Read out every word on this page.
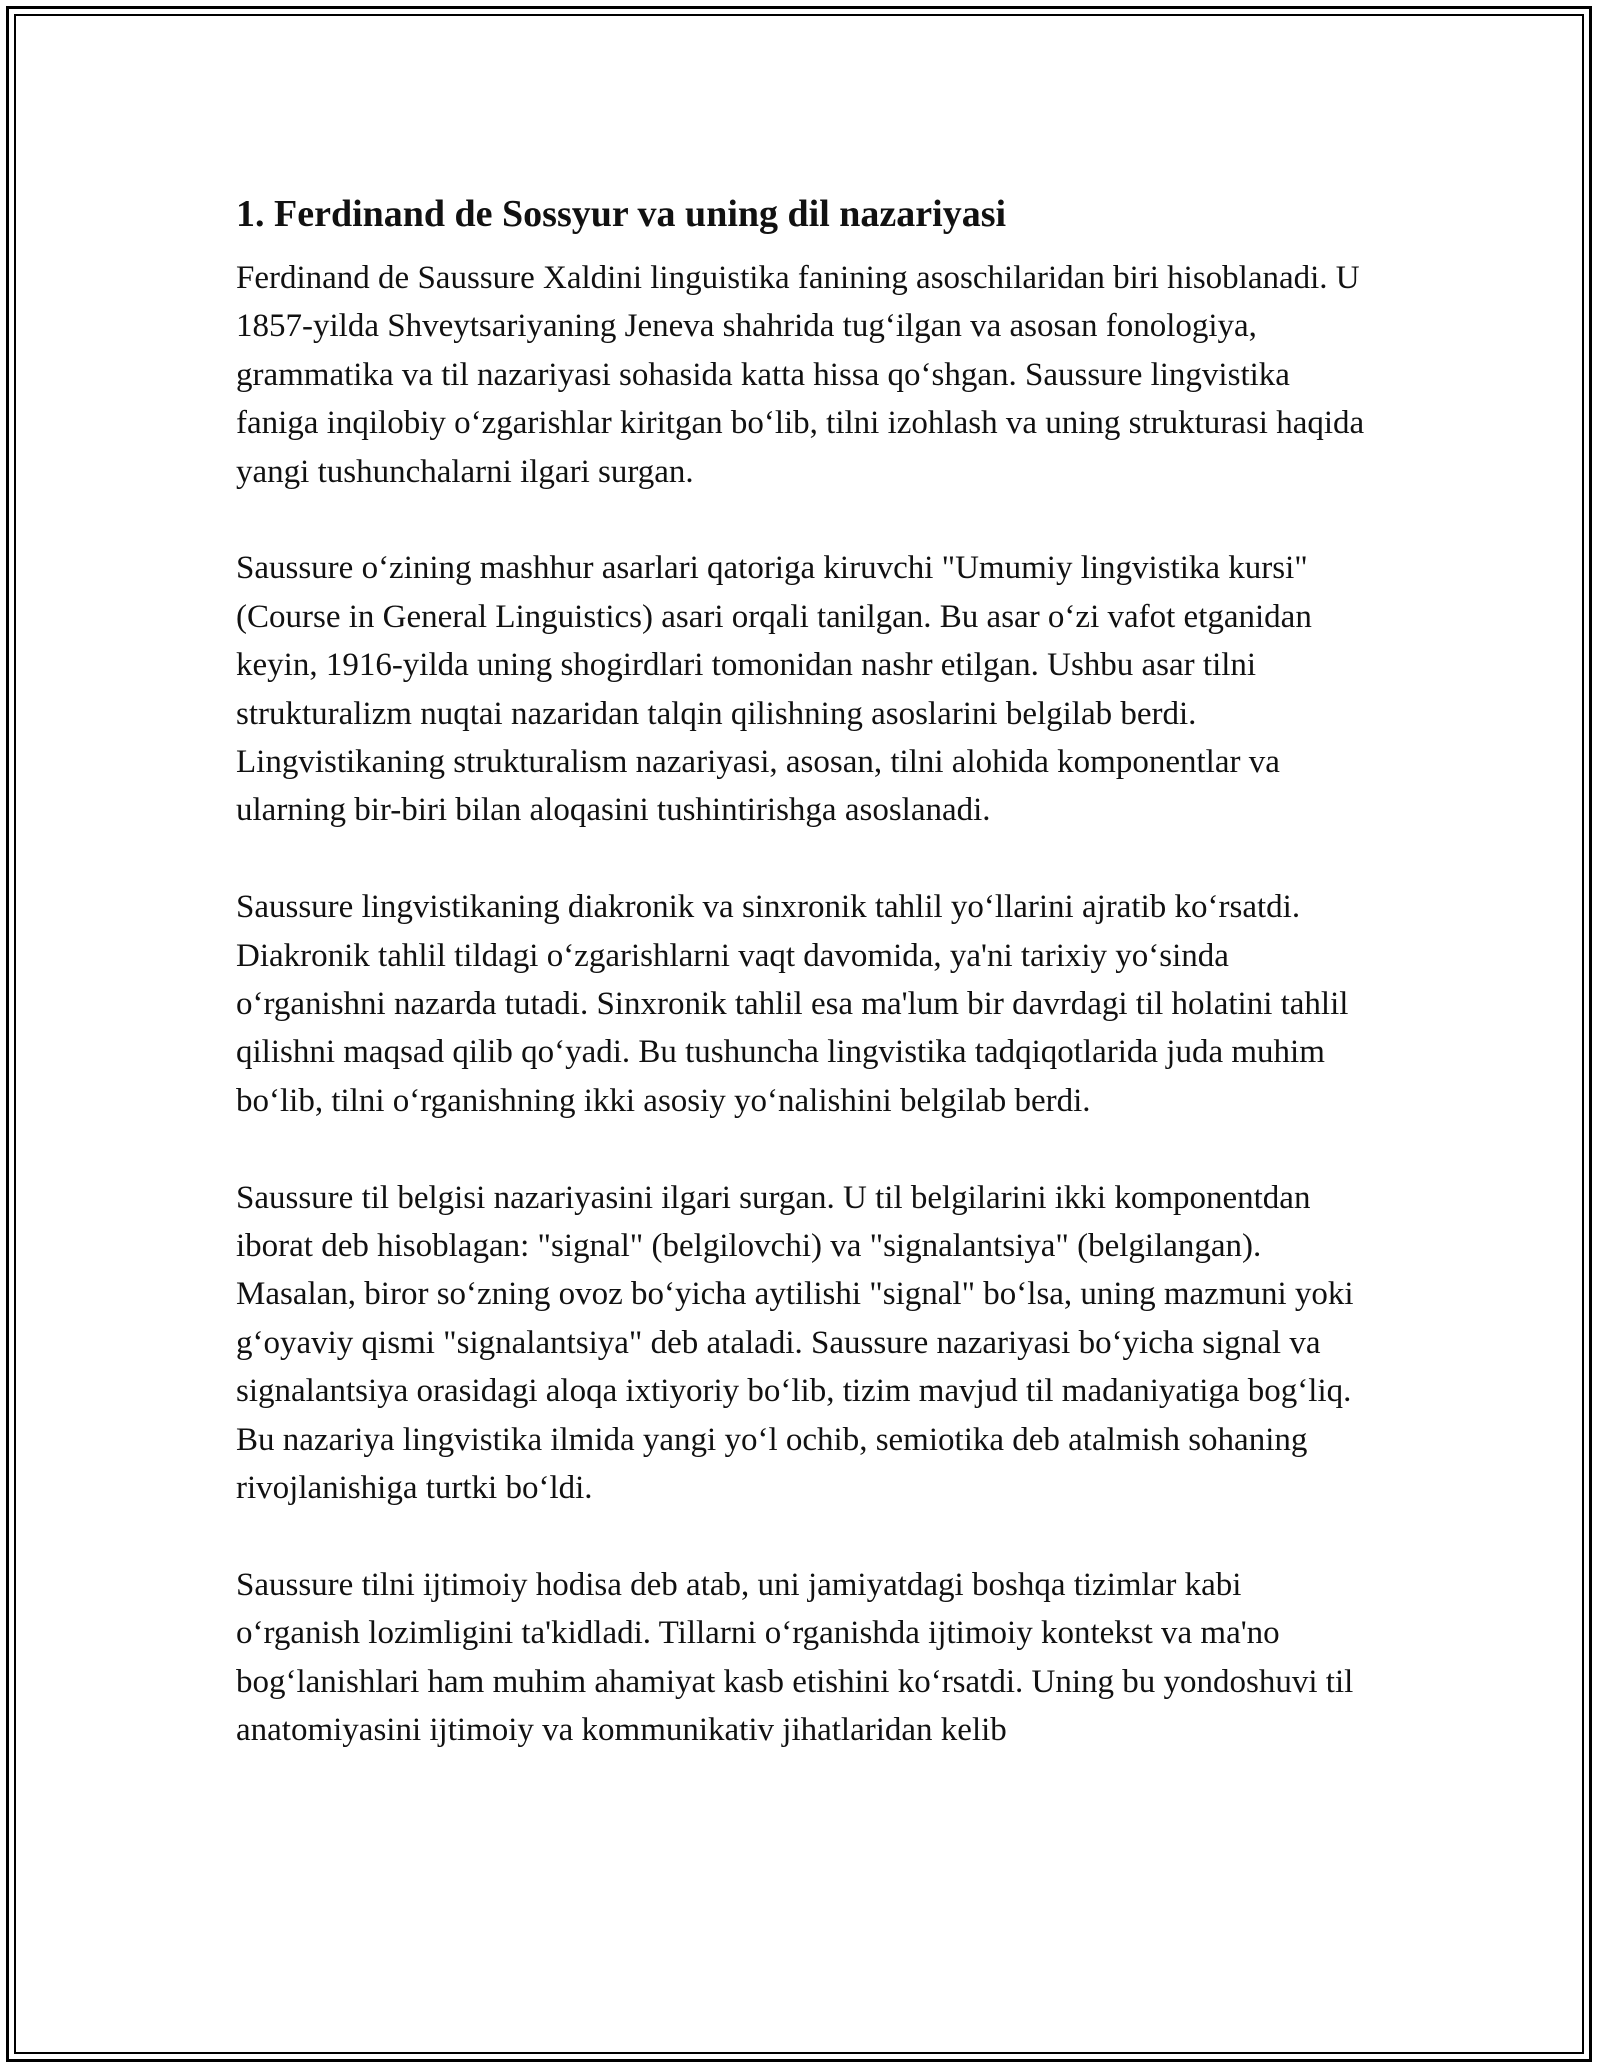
1. Ferdinand de Sossyur va uning dil nazariyasi

Ferdinand de Saussure Xaldini linguistika fanining asoschilaridan biri hisoblanadi. U 1857-yilda Shveytsariyaning Jeneva shahrida tug‘ilgan va asosan fonologiya, grammatika va til nazariyasi sohasida katta hissa qo‘shgan. Saussure lingvistika faniga inqilobiy o‘zgarishlar kiritgan bo‘lib, tilni izohlash va uning strukturasi haqida yangi tushunchalarni ilgari surgan.

Saussure o‘zining mashhur asarlari qatoriga kiruvchi "Umumiy lingvistika kursi" (Course in General Linguistics) asari orqali tanilgan. Bu asar o‘zi vafot etganidan keyin, 1916-yilda uning shogirdlari tomonidan nashr etilgan. Ushbu asar tilni strukturalizm nuqtai nazaridan talqin qilishning asoslarini belgilab berdi. Lingvistikaning strukturalism nazariyasi, asosan, tilni alohida komponentlar va ularning bir-biri bilan aloqasini tushintirishga asoslanadi.

Saussure lingvistikaning diakronik va sinxronik tahlil yo‘llarini ajratib ko‘rsatdi. Diakronik tahlil tildagi o‘zgarishlarni vaqt davomida, ya'ni tarixiy yo‘sinda o‘rganishni nazarda tutadi. Sinxronik tahlil esa ma'lum bir davrdagi til holatini tahlil qilishni maqsad qilib qo‘yadi. Bu tushuncha lingvistika tadqiqotlarida juda muhim bo‘lib, tilni o‘rganishning ikki asosiy yo‘nalishini belgilab berdi.

Saussure til belgisi nazariyasini ilgari surgan. U til belgilarini ikki komponentdan iborat deb hisoblagan: "signal" (belgilovchi) va "signalantsiya" (belgilangan). Masalan, biror so‘zning ovoz bo‘yicha aytilishi "signal" bo‘lsa, uning mazmuni yoki g‘oyaviy qismi "signalantsiya" deb ataladi. Saussure nazariyasi bo‘yicha signal va signalantsiya orasidagi aloqa ixtiyoriy bo‘lib, tizim mavjud til madaniyatiga bog‘liq. Bu nazariya lingvistika ilmida yangi yo‘l ochib, semiotika deb atalmish sohaning rivojlanishiga turtki bo‘ldi.

Saussure tilni ijtimoiy hodisa deb atab, uni jamiyatdagi boshqa tizimlar kabi o‘rganish lozimligini ta'kidladi. Tillarni o‘rganishda ijtimoiy kontekst va ma'no bog‘lanishlari ham muhim ahamiyat kasb etishini ko‘rsatdi. Uning bu yondoshuvi til anatomiyasini ijtimoiy va kommunikativ jihatlaridan kelib
